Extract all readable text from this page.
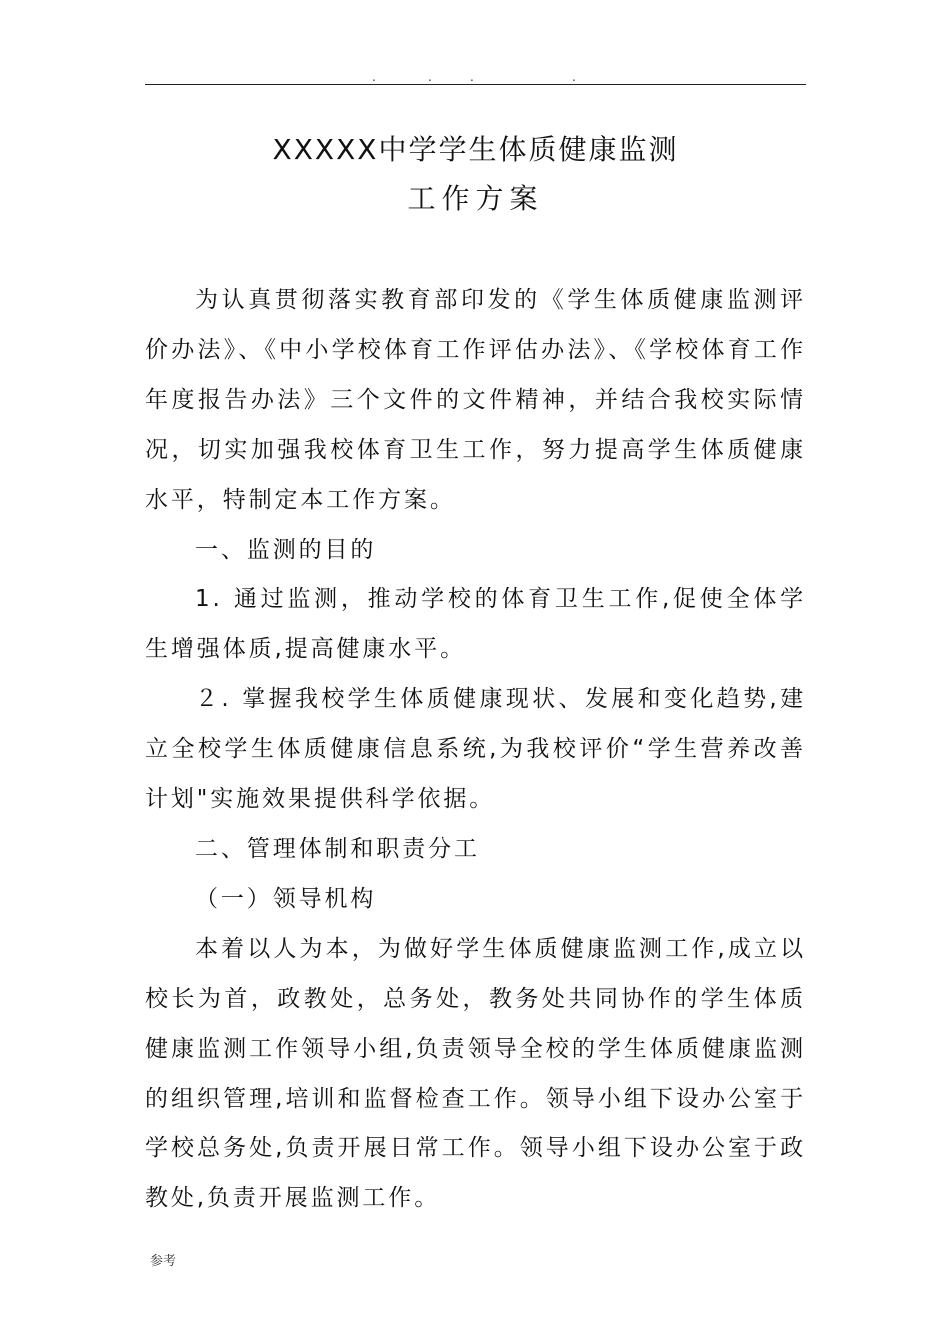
.	.	.	.
XXXXX中学学生体质健康监测
工作方案

为认真贯彻落实教育部印发的《学生体质健康监测评价办法》、《中小学校体育工作评估办法》、《学校体育工作年度报告办法》三个文件的文件精神，并结合我校实际情况，切实加强我校体育卫生工作，努力提高学生体质健康水平，特制定本工作方案。

一、监测的目的

1. 通过监测，推动学校的体育卫生工作,促使全体学生增强体质,提高健康水平。

２. 掌握我校学生体质健康现状、发展和变化趋势,建立全校学生体质健康信息系统,为我校评价“学生营养改善计划"实施效果提供科学依据。

二、管理体制和职责分工

（一）领导机构

本着以人为本，为做好学生体质健康监测工作,成立以校长为首，政教处，总务处，教务处共同协作的学生体质健康监测工作领导小组,负责领导全校的学生体质健康监测的组织管理,培训和监督检查工作。领导小组下设办公室于学校总务处,负责开展日常工作。领导小组下设办公室于政教处,负责开展监测工作。

参考
